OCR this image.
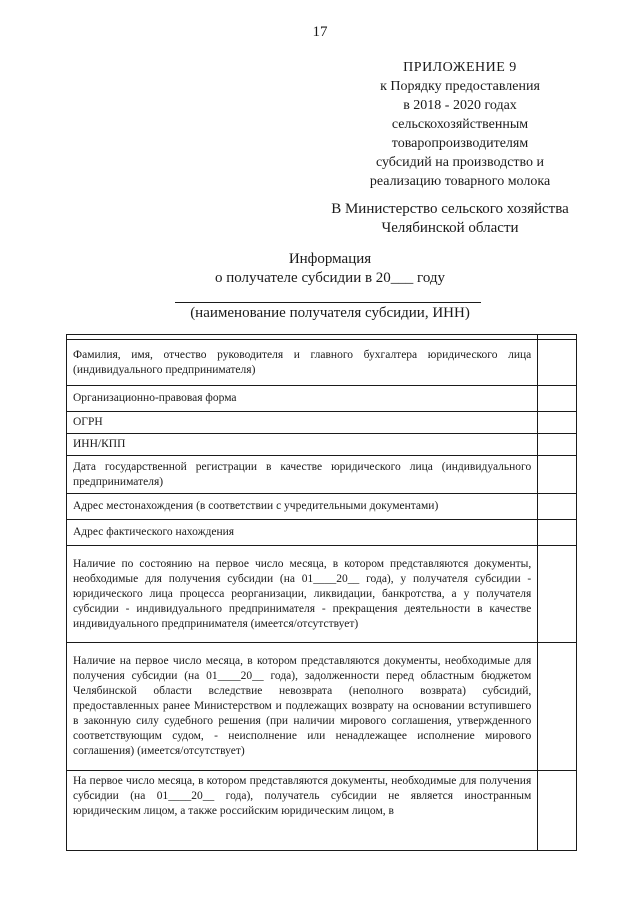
17
ПРИЛОЖЕНИЕ 9
к Порядку предоставления
в 2018 - 2020 годах
сельскохозяйственным
товаропроизводителям
субсидий на производство и
реализацию товарного молока
В Министерство сельского хозяйства
Челябинской области
Информация
о получателе субсидии в 20___ году
(наименование получателя субсидии, ИНН)

Фамилия, имя, отчество руководителя и главного бухгалтера юридического лица (индивидуального предпринимателя)	
Организационно-правовая форма	
ОГРН	
ИНН/КПП	
Дата государственной регистрации в качестве юридического лица (индивидуального предпринимателя)	
Адрес местонахождения (в соответствии с учредительными документами)	
Адрес фактического нахождения	
Наличие по состоянию на первое число месяца, в котором представляются документы, необходимые для получения субсидии (на 01____20__ года), у получателя субсидии - юридического лица процесса реорганизации, ликвидации, банкротства, а у получателя субсидии - индивидуального предпринимателя - прекращения деятельности в качестве индивидуального предпринимателя (имеется/отсутствует)	
Наличие на первое число месяца, в котором представляются документы, необходимые для получения субсидии (на 01____20__ года), задолженности перед областным бюджетом Челябинской области вследствие невозврата (неполного возврата) субсидий, предоставленных ранее Министерством и подлежащих возврату на основании вступившего в законную силу судебного решения (при наличии мирового соглашения, утвержденного соответствующим судом, - неисполнение или ненадлежащее исполнение мирового соглашения) (имеется/отсутствует)	
На первое число месяца, в котором представляются документы, необходимые для получения субсидии (на 01____20__ года), получатель субсидии не является иностранным юридическим лицом, а также российским юридическим лицом, в	
